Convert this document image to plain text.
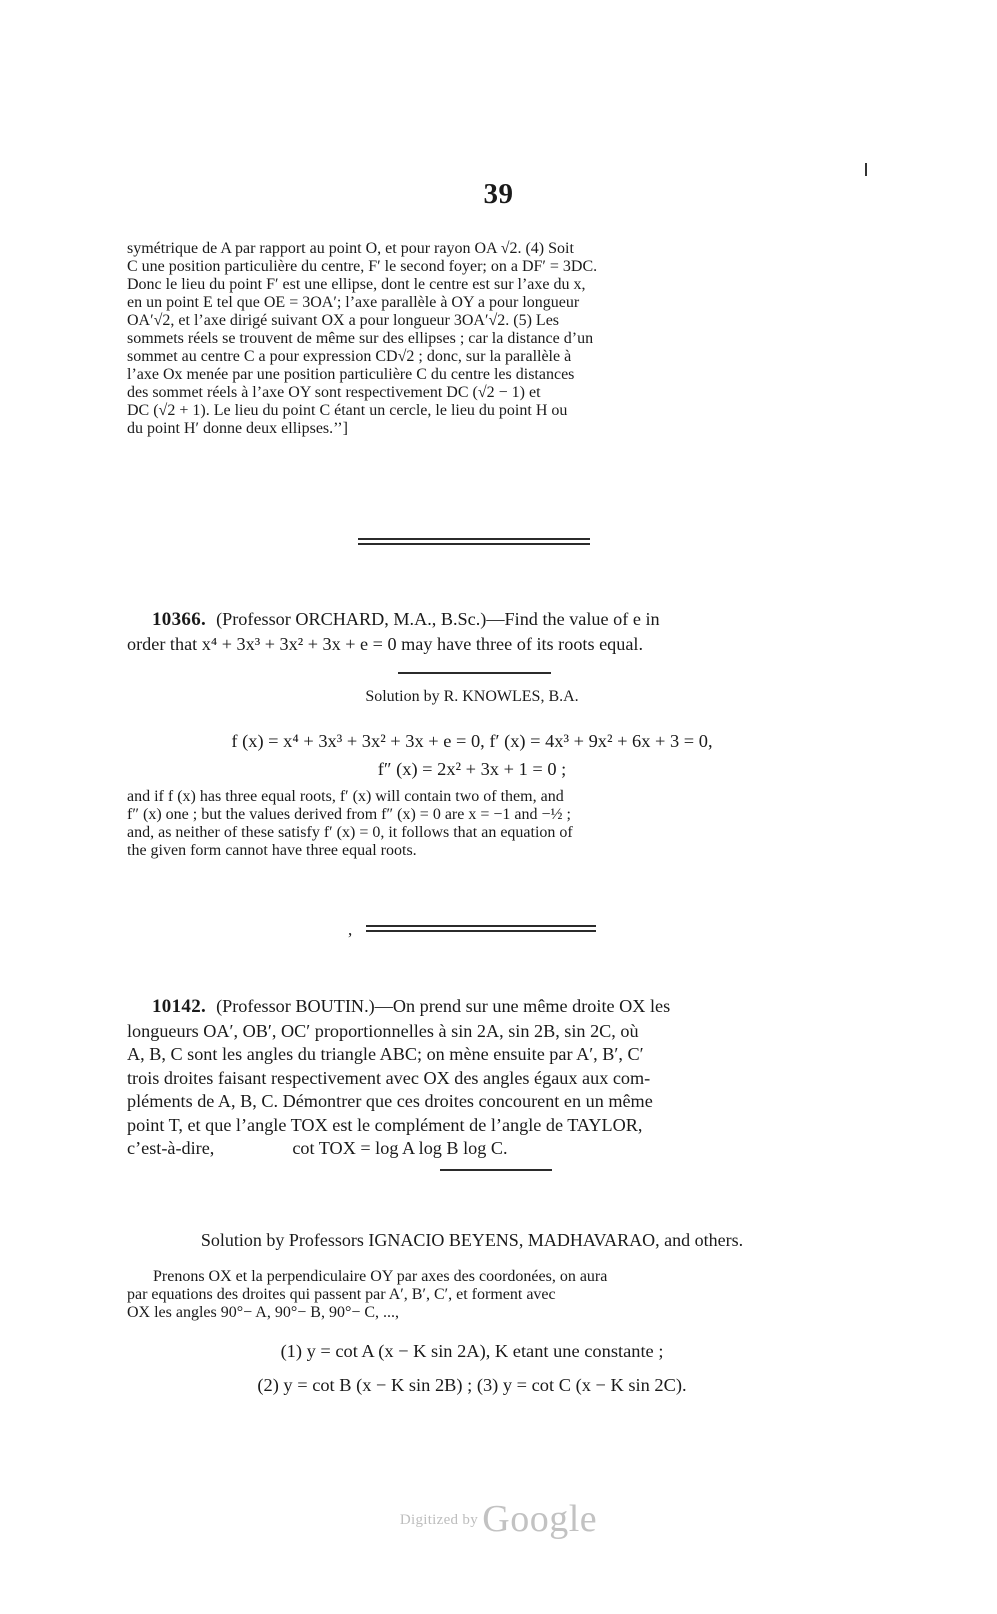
39
symétrique de A par rapport au point O, et pour rayon OA √2. (4) Soit
C une position particulière du centre, F′ le second foyer; on a DF′ = 3DC.
Donc le lieu du point F′ est une ellipse, dont le centre est sur l’axe du x,
en un point E tel que OE = 3OA′; l’axe parallèle à OY a pour longueur
OA′√2, et l’axe dirigé suivant OX a pour longueur 3OA′√2. (5) Les
sommets réels se trouvent de même sur des ellipses ; car la distance d’un
sommet au centre C a pour expression CD√2 ; donc, sur la parallèle à
l’axe Ox menée par une position particulière C du centre les distances
des sommet réels à l’axe OY sont respectivement DC (√2 − 1) et
DC (√2 + 1). Le lieu du point C étant un cercle, le lieu du point H ou
du point H′ donne deux ellipses.’’]
10366. (Professor ORCHARD, M.A., B.Sc.)—Find the value of e in
order that x⁴ + 3x³ + 3x² + 3x + e = 0 may have three of its roots equal.
Solution by R. KNOWLES, B.A.
f (x) = x⁴ + 3x³ + 3x² + 3x + e = 0, f′ (x) = 4x³ + 9x² + 6x + 3 = 0,
f″ (x) = 2x² + 3x + 1 = 0 ;
and if f (x) has three equal roots, f′ (x) will contain two of them, and
f″ (x) one ; but the values derived from f″ (x) = 0 are x = −1 and −½ ;
and, as neither of these satisfy f′ (x) = 0, it follows that an equation of
the given form cannot have three equal roots.
,
10142. (Professor BOUTIN.)—On prend sur une même droite OX les
longueurs OA′, OB′, OC′ proportionnelles à sin 2A, sin 2B, sin 2C, où
A, B, C sont les angles du triangle ABC; on mène ensuite par A′, B′, C′
trois droites faisant respectivement avec OX des angles égaux aux com-
pléments de A, B, C. Démontrer que ces droites concourent en un même
point T, et que l’angle TOX est le complément de l’angle de TAYLOR,
c’est-à-dire,	cot TOX = log A log B log C.
Solution by Professors IGNACIO BEYENS, MADHAVARAO, and others.
Prenons OX et la perpendiculaire OY par axes des coordonées, on aura
par equations des droites qui passent par A′, B′, C′, et forment avec
OX les angles 90°− A, 90°− B, 90°− C, ...,
(1) y = cot A (x − K sin 2A), K etant une constante ;
(2) y = cot B (x − K sin 2B) ; (3) y = cot C (x − K sin 2C).
Digitized by Google
